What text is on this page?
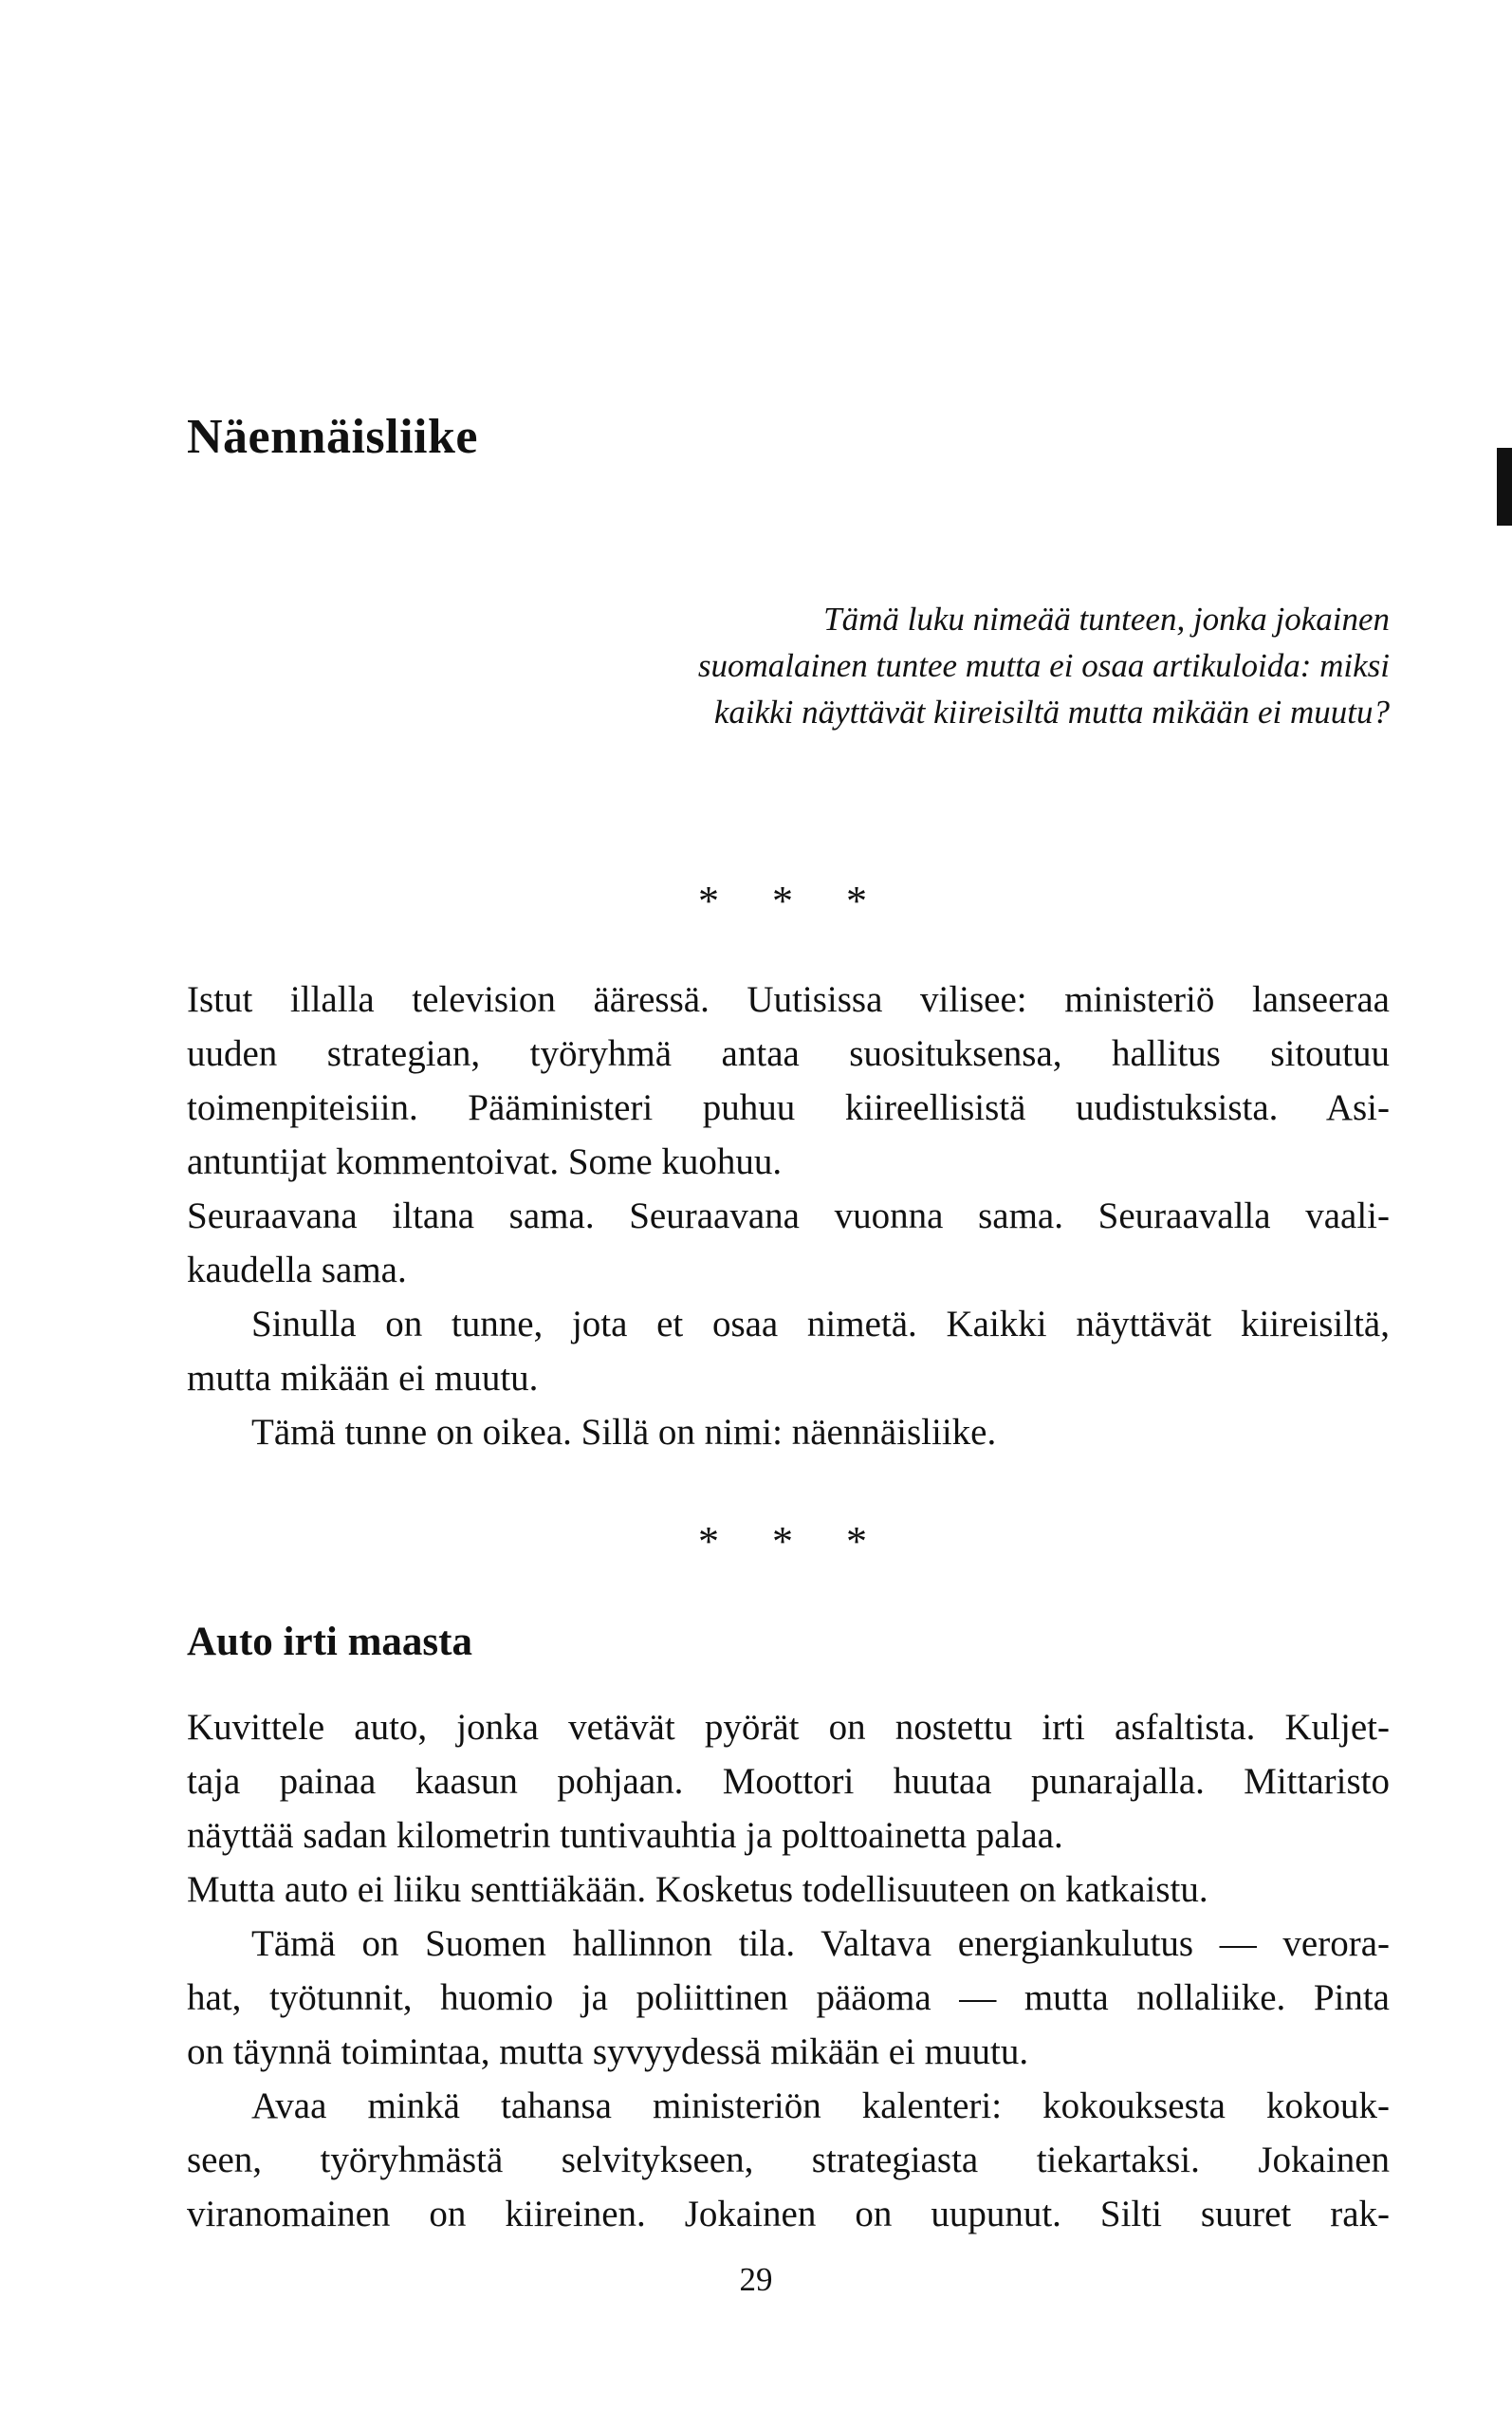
Näennäisliike
Tämä luku nimeää tunteen, jonka jokainen
suomalainen tuntee mutta ei osaa artikuloida: miksi
kaikki näyttävät kiireisiltä mutta mikään ei muutu?
* * *
Istut illalla television ääressä. Uutisissa vilisee: ministeriö lanseeraa
uuden strategian, työryhmä antaa suosituksensa, hallitus sitoutuu
toimenpiteisiin. Pääministeri puhuu kiireellisistä uudistuksista. Asi-
antuntijat kommentoivat. Some kuohuu.
Seuraavana iltana sama. Seuraavana vuonna sama. Seuraavalla vaali-
kaudella sama.
Sinulla on tunne, jota et osaa nimetä. Kaikki näyttävät kiireisiltä,
mutta mikään ei muutu.
Tämä tunne on oikea. Sillä on nimi: näennäisliike.
* * *
Auto irti maasta
Kuvittele auto, jonka vetävät pyörät on nostettu irti asfaltista. Kuljet-
taja painaa kaasun pohjaan. Moottori huutaa punarajalla. Mittaristo
näyttää sadan kilometrin tuntivauhtia ja polttoainetta palaa.
Mutta auto ei liiku senttiäkään. Kosketus todellisuuteen on katkaistu.
Tämä on Suomen hallinnon tila. Valtava energiankulutus — verora-
hat, työtunnit, huomio ja poliittinen pääoma — mutta nollaliike. Pinta
on täynnä toimintaa, mutta syvyydessä mikään ei muutu.
Avaa minkä tahansa ministeriön kalenteri: kokouksesta kokouk-
seen, työryhmästä selvitykseen, strategiasta tiekartaksi. Jokainen
viranomainen on kiireinen. Jokainen on uupunut. Silti suuret rak-
29
